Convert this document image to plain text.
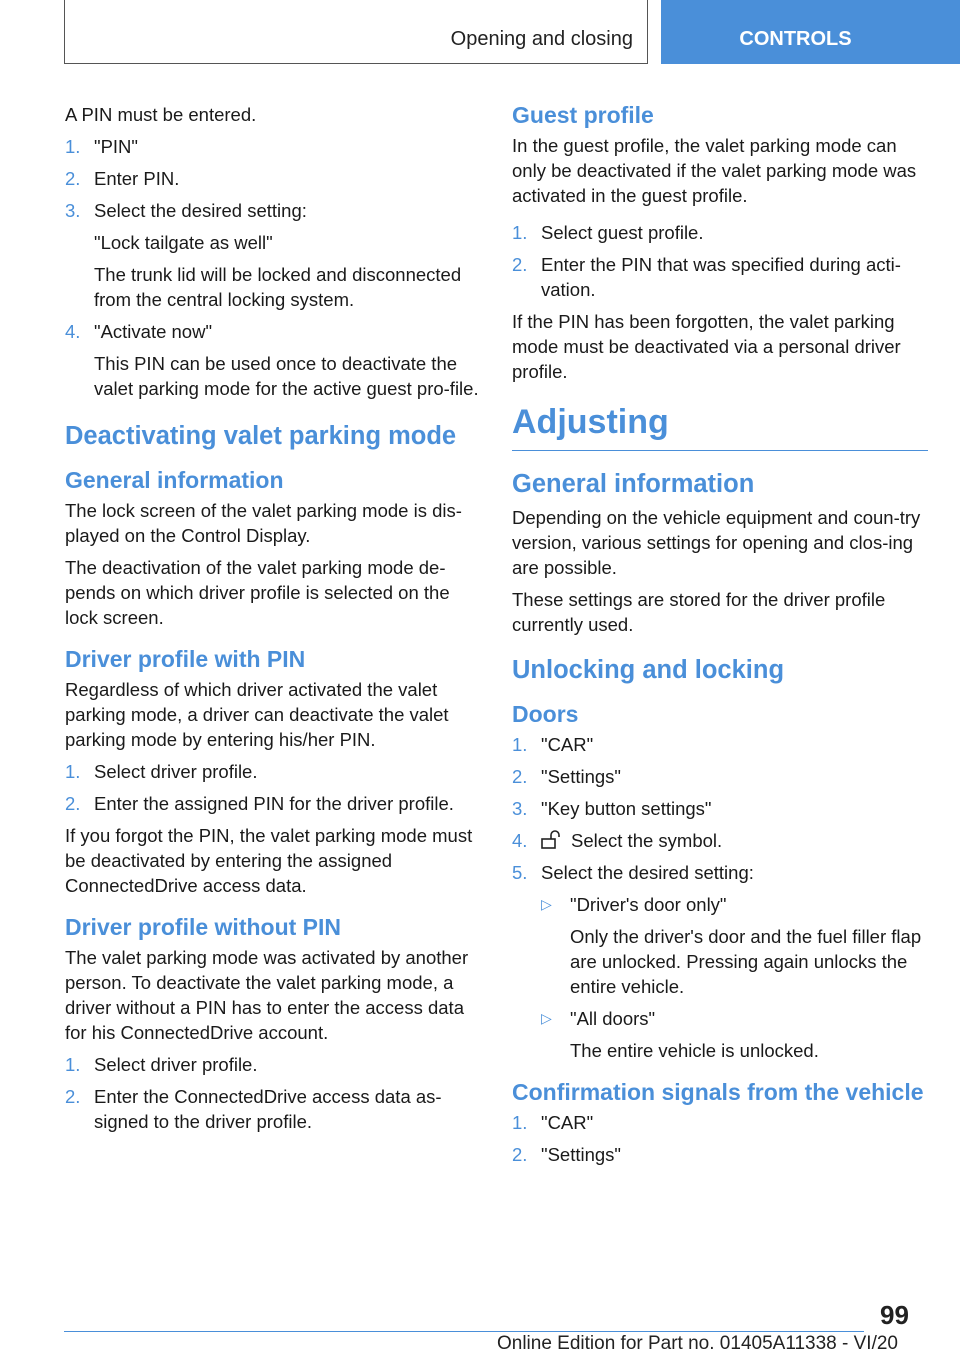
Opening and closing	CONTROLS

A PIN must be entered.

1. "PIN"
2. Enter PIN.
3. Select the desired setting:
"Lock tailgate as well"
The trunk lid will be locked and disconnected from the central locking system.
4. "Activate now"
This PIN can be used once to deactivate the valet parking mode for the active guest pro‐file.
Deactivating valet parking mode
General information

The lock screen of the valet parking mode is dis‐played on the Control Display.

The deactivation of the valet parking mode de‐pends on which driver profile is selected on the lock screen.

Driver profile with PIN

Regardless of which driver activated the valet parking mode, a driver can deactivate the valet parking mode by entering his/her PIN.

1. Select driver profile.
2. Enter the assigned PIN for the driver profile.

If you forgot the PIN, the valet parking mode must be deactivated by entering the assigned ConnectedDrive access data.

Driver profile without PIN

The valet parking mode was activated by another person. To deactivate the valet parking mode, a driver without a PIN has to enter the access data for his ConnectedDrive account.

1. Select driver profile.
2. Enter the ConnectedDrive access data as‐signed to the driver profile.
Guest profile

In the guest profile, the valet parking mode can only be deactivated if the valet parking mode was activated in the guest profile.

1. Select guest profile.
2. Enter the PIN that was specified during acti‐vation.

If the PIN has been forgotten, the valet parking mode must be deactivated via a personal driver profile.

Adjusting
General information

Depending on the vehicle equipment and coun‐try version, various settings for opening and clos‐ing are possible.

These settings are stored for the driver profile currently used.

Unlocking and locking
Doors
1. "CAR"
2. "Settings"
3. "Key button settings"
4. Select the symbol.
5. Select the desired setting:
▷ "Driver's door only"
Only the driver's door and the fuel filler flap are unlocked. Pressing again unlocks the entire vehicle.
▷ "All doors"
The entire vehicle is unlocked.
Confirmation signals from the vehicle
1. "CAR"
2. "Settings"
99
Online Edition for Part no. 01405A11338 - VI/20
